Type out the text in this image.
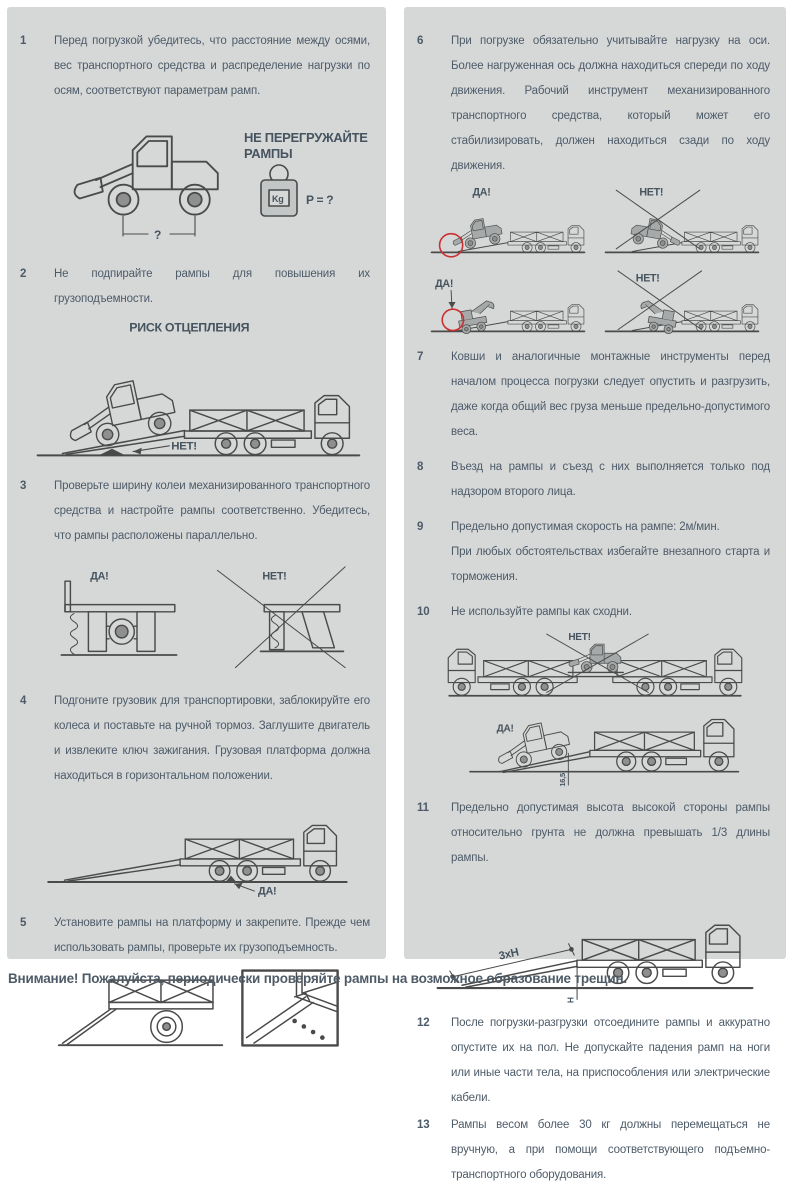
1	Перед погрузкой убедитесь, что расстояние между осями, вес транспортного средства и распределение нагрузки по осям, соответствуют параметрам рамп.
?
НЕ ПЕРЕГРУЖАЙТЕ
РАМПЫ
Kg P = ?
2	Не подпирайте рампы для повышения их грузоподъемности.
РИСК ОТЦЕПЛЕНИЯ
НЕТ!
3	Проверьте ширину колеи механизированного транспортного средства и настройте рампы соответственно. Убедитесь, что рампы расположены параллельно.
ДА!	НЕТ!
4	Подгоните грузовик для транспортировки, заблокируйте его колеса и поставьте на ручной тормоз. Заглушите двигатель и извлеките ключ зажигания. Грузовая платформа должна находиться в горизонтальном положении.
ДА!
5	Установите рампы на платформу и закрепите. Прежде чем использовать рампы, проверьте их грузоподъемность.
6	При погрузке обязательно учитывайте нагрузку на оси. Более нагруженная ось должна находиться спереди по ходу движения. Рабочий инструмент механизированного транспортного средства, который может его стабилизировать, должен находиться сзади по ходу движения.
ДА!	НЕТ!
ДА!	НЕТ!
7	Ковши и аналогичные монтажные инструменты перед началом процесса погрузки следует опустить и разгрузить, даже когда общий вес груза меньше предельно-допустимого веса.
8	Въезд на рампы и съезд с них выполняется только под надзором второго лица.
9	Предельно допустимая скорость на рампе: 2м/мин.

При любых обстоятельствах избегайте внезапного старта и торможения.

10	Не используйте рампы как сходни.
НЕТ!
16,5
ДА!
11	Предельно допустимая высота высокой стороны рампы относительно грунта не должна превышать 1/3 длины рампы.
3хН
Н
12	После погрузки-разгрузки отсоедините рампы и аккуратно опустите их на пол. Не допускайте падения рамп на ноги или иные части тела, на приспособления или электрические кабели.
13	Рампы весом более 30 кг должны перемещаться не вручную, а при помощи соответствующего подъемно-транспортного оборудования.

Внимание! Пожалуйста, периодически проверяйте рампы на возможное образование трещин.
